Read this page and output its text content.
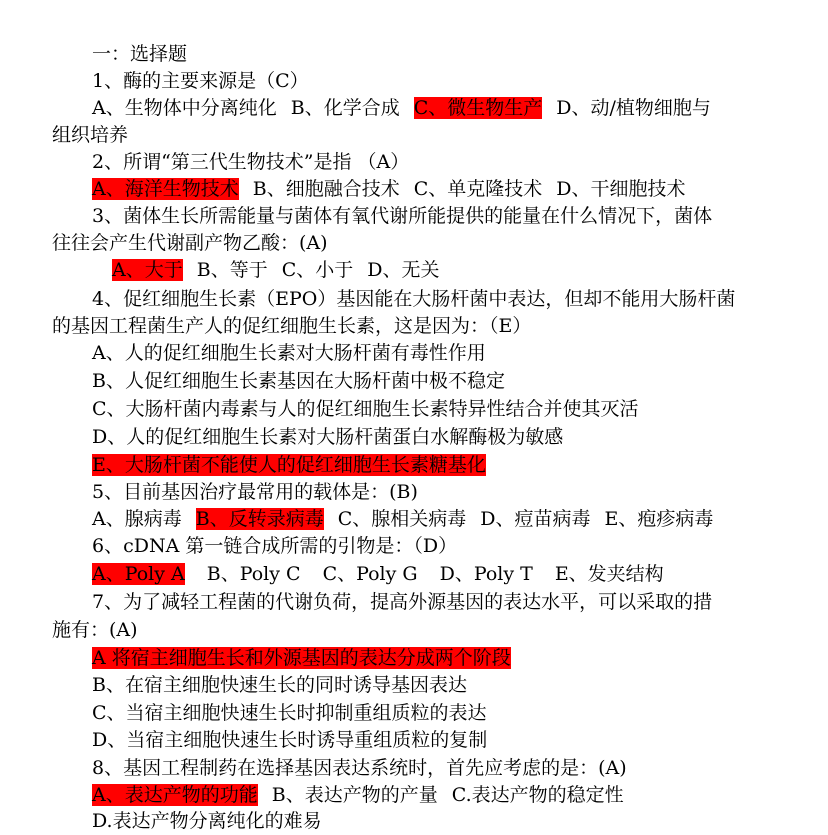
一：选择题
1、酶的主要来源是（C）
A、生物体中分离纯化 B、化学合成 C、微生物生产 D、动/植物细胞与
组织培养
2、所谓“第三代生物技术”是指 （A）
A、海洋生物技术 B、细胞融合技术 C、单克隆技术 D、干细胞技术
3、菌体生长所需能量与菌体有氧代谢所能提供的能量在什么情况下，菌体
往往会产生代谢副产物乙酸：(A)
A、大于 B、等于 C、小于 D、无关
4、促红细胞生长素（EPO）基因能在大肠杆菌中表达，但却不能用大肠杆菌
的基因工程菌生产人的促红细胞生长素，这是因为：（E）
A、人的促红细胞生长素对大肠杆菌有毒性作用
B、人促红细胞生长素基因在大肠杆菌中极不稳定
C、大肠杆菌内毒素与人的促红细胞生长素特异性结合并使其灭活
D、人的促红细胞生长素对大肠杆菌蛋白水解酶极为敏感
E、大肠杆菌不能使人的促红细胞生长素糖基化
5、目前基因治疗最常用的载体是：(B)
A、腺病毒 B、反转录病毒 C、腺相关病毒 D、痘苗病毒 E、疱疹病毒
6、cDNA 第一链合成所需的引物是：（D）
A、Poly A B、Poly C C、Poly G D、Poly T E、发夹结构
7、为了减轻工程菌的代谢负荷，提高外源基因的表达水平，可以采取的措
施有：(A)
A 将宿主细胞生长和外源基因的表达分成两个阶段
B、在宿主细胞快速生长的同时诱导基因表达
C、当宿主细胞快速生长时抑制重组质粒的表达
D、当宿主细胞快速生长时诱导重组质粒的复制
8、基因工程制药在选择基因表达系统时，首先应考虑的是：(A)
A、表达产物的功能 B、表达产物的产量 C.表达产物的稳定性
D.表达产物分离纯化的难易
